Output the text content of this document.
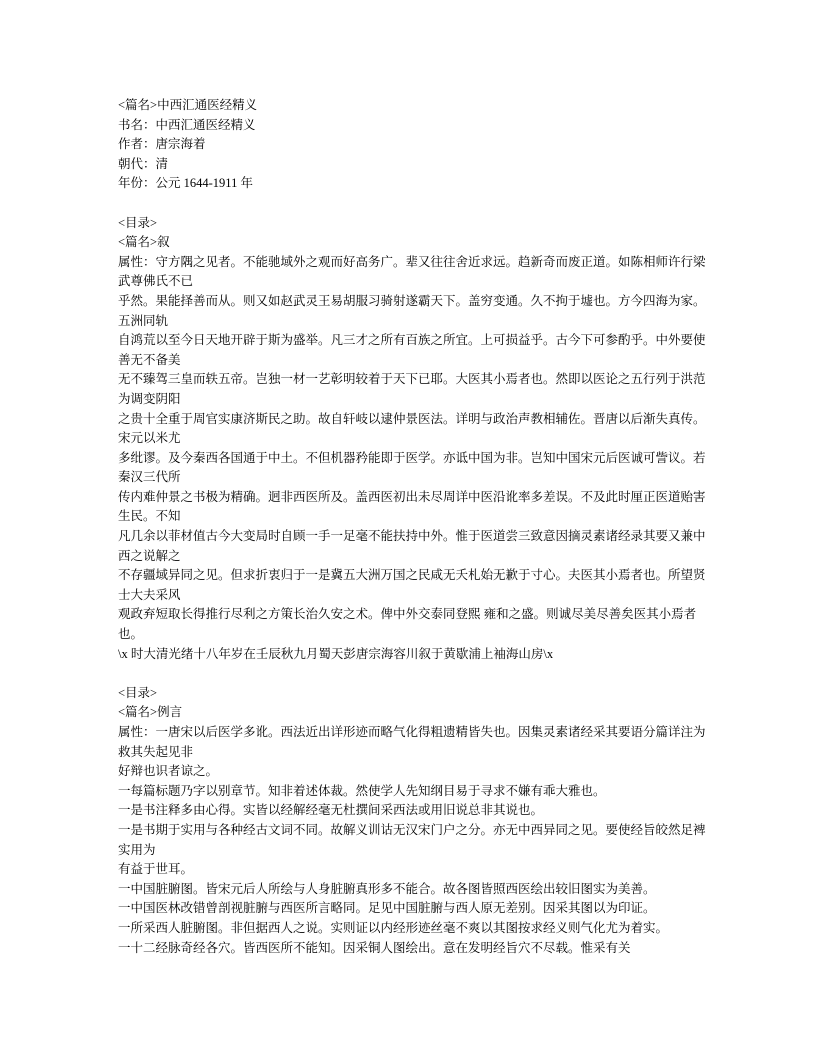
<篇名>中西汇通医经精义
书名：中西汇通医经精义
作者：唐宗海着
朝代：清
年份：公元 1644-1911 年
<目录>
<篇名>叙
属性：守方隅之见者。不能驰域外之观而好高务广。辈又往往舍近求远。趋新奇而废正道。如陈相师许行梁武尊佛氏不已
乎然。果能择善而从。则又如赵武灵王易胡服习骑射遂霸天下。盖穷变通。久不拘于墟也。方今四海为家。五洲同轨
自鸿荒以至今日天地开辟于斯为盛举。凡三才之所有百族之所宜。上可损益乎。古今下可参酌乎。中外要使善无不备美
无不臻驾三皇而轶五帝。岂独一材一艺彰明较着于天下已耶。大医其小焉者也。然即以医论之五行列于洪范为调变阴阳
之贵十全重于周官实康济斯民之助。故自轩岐以逮仲景医法。详明与政治声教相辅佐。晋唐以后渐失真传。宋元以米尤
多纰谬。及今秦西各国通于中土。不但机器矜能即于医学。亦诋中国为非。岂知中国宋元后医诚可訾议。若秦汉三代所
传内难仲景之书极为精确。迥非西医所及。盖西医初出未尽周详中医沿讹率多差误。不及此时厘正医道贻害生民。不知
凡几余以菲材值古今大变局时自顾一手一足毫不能扶持中外。惟于医道尝三致意因摘灵素诸经录其要又兼中西之说解之
不存疆域异同之见。但求折衷归于一是冀五大洲万国之民咸无夭札始无歉于寸心。夫医其小焉者也。所望贤士大夫采风
观政弃短取长得推行尽利之方策长治久安之术。俾中外交泰同登熙 雍和之盛。则诚尽美尽善矣医其小焉者也。
\x 时大清光绪十八年岁在壬辰秋九月蜀天彭唐宗海容川叙于黄歇浦上袖海山房\x
<目录>
<篇名>例言
属性：一唐宋以后医学多讹。西法近出详形迹而略气化得粗遗精皆失也。因集灵素诸经采其要语分篇详注为救其失起见非
好辩也识者谅之。
一每篇标题乃字以别章节。知非着述体裁。然使学人先知纲目易于寻求不嫌有乖大雅也。
一是书注释多由心得。实皆以经解经毫无杜撰间采西法或用旧说总非其说也。
一是书期于实用与各种经古文词不同。故解义训诂无汉宋门户之分。亦无中西异同之见。要使经旨皎然足裨实用为
有益于世耳。
一中国脏腑图。皆宋元后人所绘与人身脏腑真形多不能合。故各图皆照西医绘出较旧图实为美善。
一中国医林改错曾剖视脏腑与西医所言略同。足见中国脏腑与西人原无差别。因采其图以为印证。
一所采西人脏腑图。非但据西人之说。实则证以内经形迹丝毫不爽以其图按求经义则气化尤为着实。
一十二经脉奇经各穴。皆西医所不能知。因采铜人图绘出。意在发明经旨穴不尽载。惟采有关
